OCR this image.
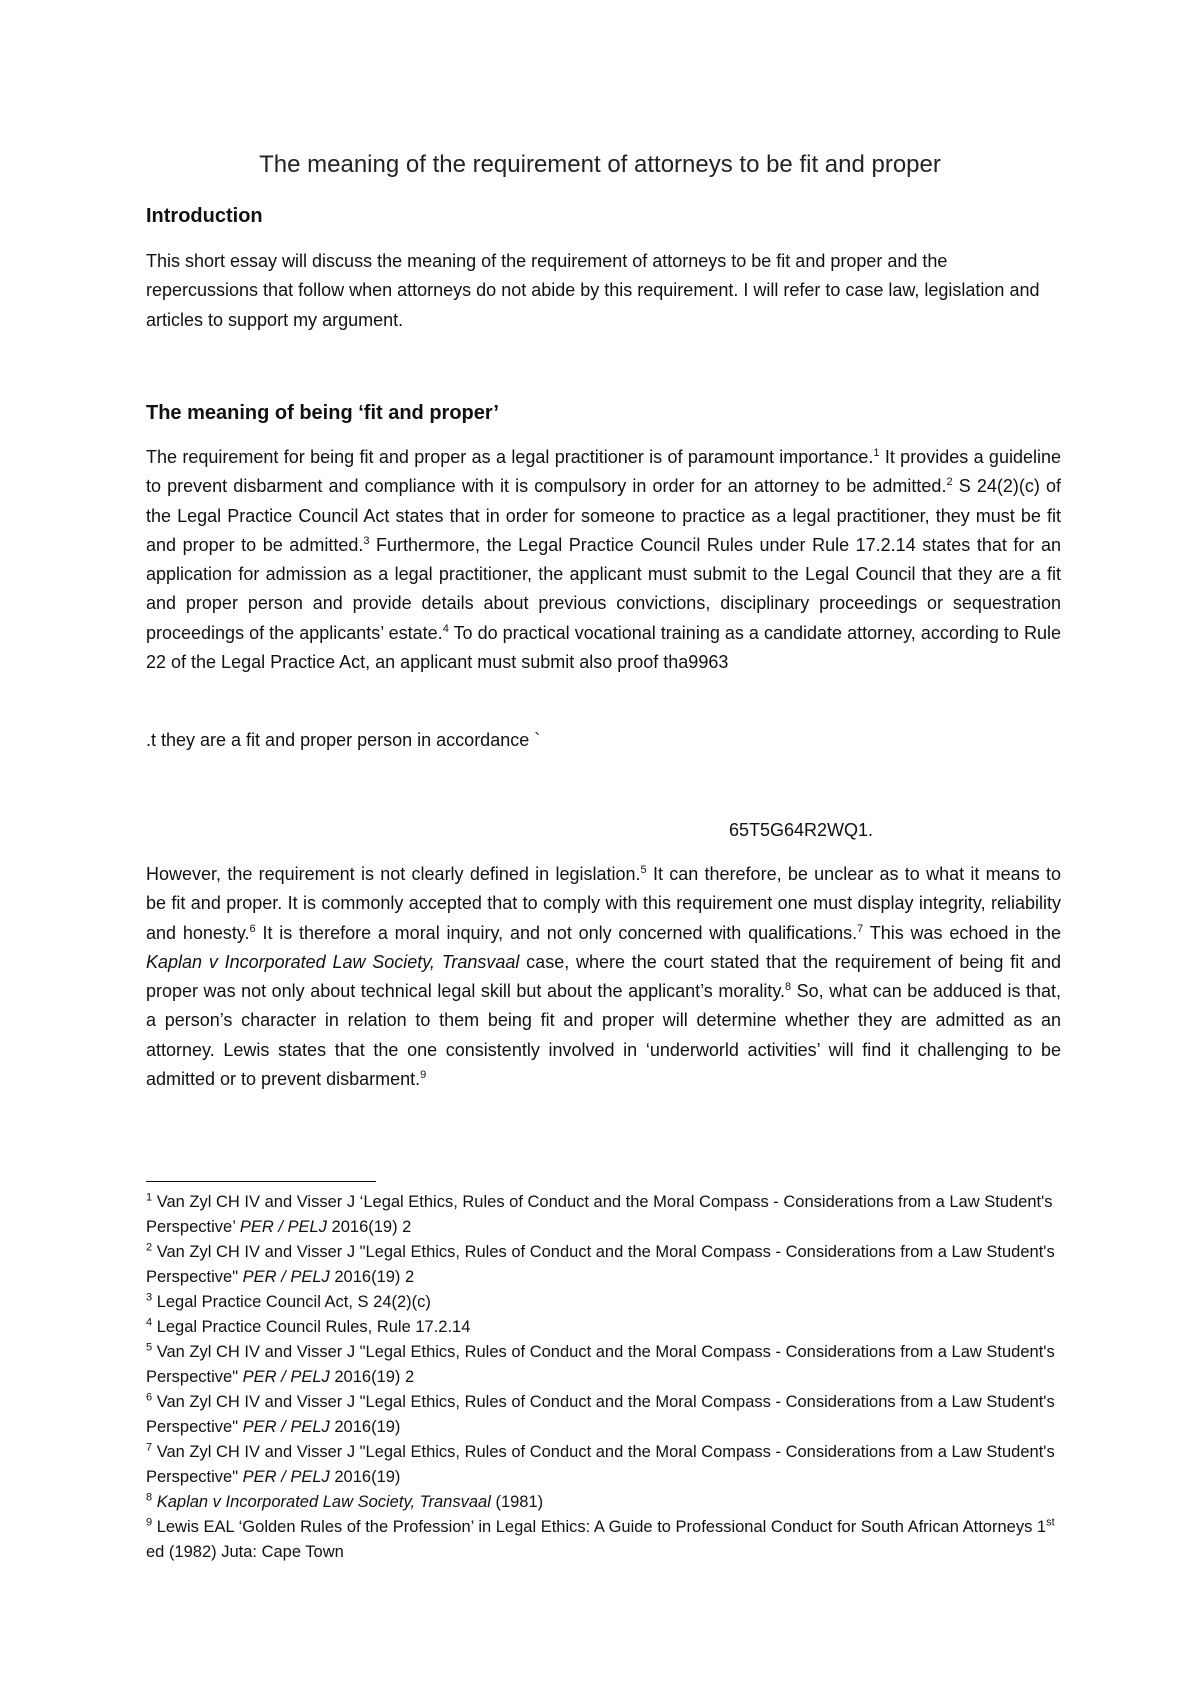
The meaning of the requirement of attorneys to be fit and proper
Introduction

This short essay will discuss the meaning of the requirement of attorneys to be fit and proper and the repercussions that follow when attorneys do not abide by this requirement. I will refer to case law, legislation and articles to support my argument.

The meaning of being ‘fit and proper’

The requirement for being fit and proper as a legal practitioner is of paramount importance.$^1$ It provides a guideline to prevent disbarment and compliance with it is compulsory in order for an attorney to be admitted.$^2$ S 24(2)(c) of the Legal Practice Council Act states that in order for someone to practice as a legal practitioner, they must be fit and proper to be admitted.$^3$ Furthermore, the Legal Practice Council Rules under Rule 17.2.14 states that for an application for admission as a legal practitioner, the applicant must submit to the Legal Council that they are a fit and proper person and provide details about previous convictions, disciplinary proceedings or sequestration proceedings of the applicants’ estate.$^4$ To do practical vocational training as a candidate attorney, according to Rule 22 of the Legal Practice Act, an applicant must submit also proof tha9963

.t they are a fit and proper person in accordance `
65T5G64R2WQ1.

However, the requirement is not clearly defined in legislation.$^5$ It can therefore, be unclear as to what it means to be fit and proper. It is commonly accepted that to comply with this requirement one must display integrity, reliability and honesty.$^6$ It is therefore a moral inquiry, and not only concerned with qualifications.$^7$ This was echoed in the Kaplan v Incorporated Law Society, Transvaal case, where the court stated that the requirement of being fit and proper was not only about technical legal skill but about the applicant’s morality.$^8$ So, what can be adduced is that, a person’s character in relation to them being fit and proper will determine whether they are admitted as an attorney. Lewis states that the one consistently involved in ‘underworld activities’ will find it challenging to be admitted or to prevent disbarment.$^9$

$^1$ Van Zyl CH IV and Visser J ‘Legal Ethics, Rules of Conduct and the Moral Compass - Considerations from a Law Student's Perspective’ PER / PELJ 2016(19) 2
$^2$ Van Zyl CH IV and Visser J "Legal Ethics, Rules of Conduct and the Moral Compass - Considerations from a Law Student's Perspective" PER / PELJ 2016(19) 2
$^3$ Legal Practice Council Act, S 24(2)(c)
$^4$ Legal Practice Council Rules, Rule 17.2.14
$^5$ Van Zyl CH IV and Visser J "Legal Ethics, Rules of Conduct and the Moral Compass - Considerations from a Law Student's Perspective" PER / PELJ 2016(19) 2
$^6$ Van Zyl CH IV and Visser J "Legal Ethics, Rules of Conduct and the Moral Compass - Considerations from a Law Student's Perspective" PER / PELJ 2016(19)
$^7$ Van Zyl CH IV and Visser J "Legal Ethics, Rules of Conduct and the Moral Compass - Considerations from a Law Student's Perspective" PER / PELJ 2016(19)
$^8$ Kaplan v Incorporated Law Society, Transvaal (1981)
$^9$ Lewis EAL ‘Golden Rules of the Profession’ in Legal Ethics: A Guide to Professional Conduct for South African Attorneys 1st ed (1982) Juta: Cape Town
